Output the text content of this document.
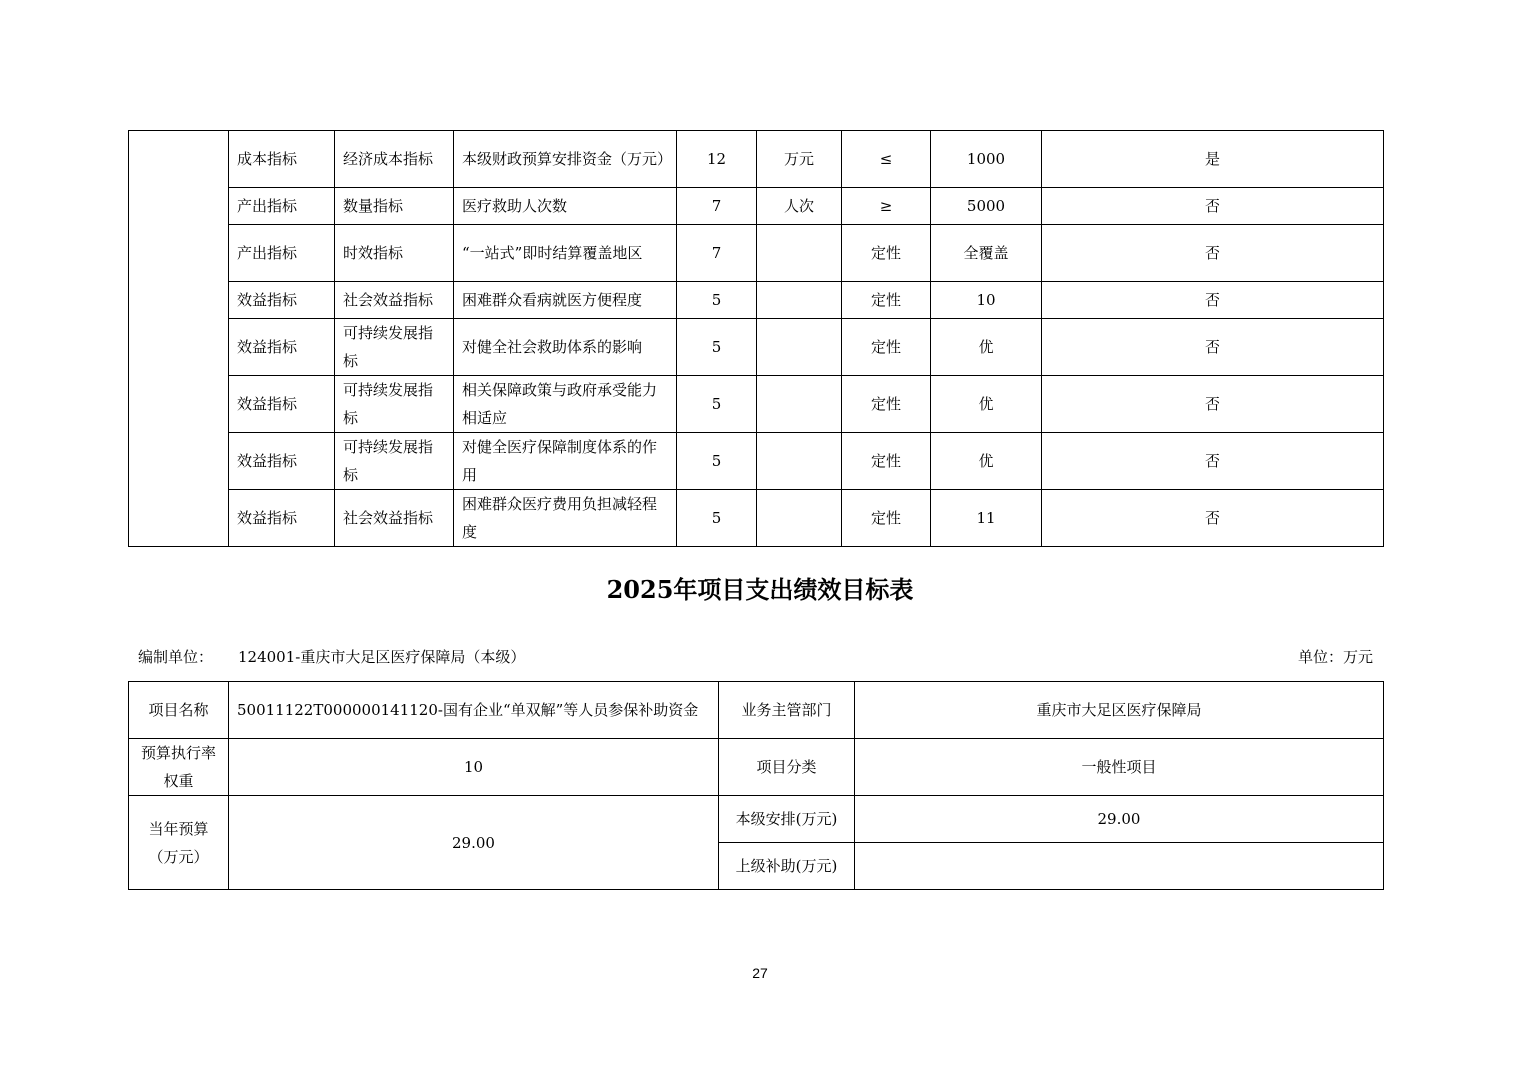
	成本指标	经济成本指标	本级财政预算安排资金（万元）	12	万元	≤	1000	是
	产出指标	数量指标	医疗救助人次数	7	人次	≥	5000	否
	产出指标	时效指标	“一站式”即时结算覆盖地区	7		定性	全覆盖	否
	效益指标	社会效益指标	困难群众看病就医方便程度	5		定性	10	否
	效益指标	可持续发展指标	对健全社会救助体系的影响	5		定性	优	否
	效益指标	可持续发展指标	相关保障政策与政府承受能力相适应	5		定性	优	否
	效益指标	可持续发展指标	对健全医疗保障制度体系的作用	5		定性	优	否
	效益指标	社会效益指标	困难群众医疗费用负担减轻程度	5		定性	11	否
2025年项目支出绩效目标表
编制单位： 124001-重庆市大足区医疗保障局（本级）	单位：万元
项目名称	50011122T000000141120-国有企业“单双解”等人员参保补助资金	业务主管部门	重庆市大足区医疗保障局
预算执行率权重	10	项目分类	一般性项目
当年预算（万元）	29.00	本级安排(万元)	29.00
		上级补助(万元)	
27
